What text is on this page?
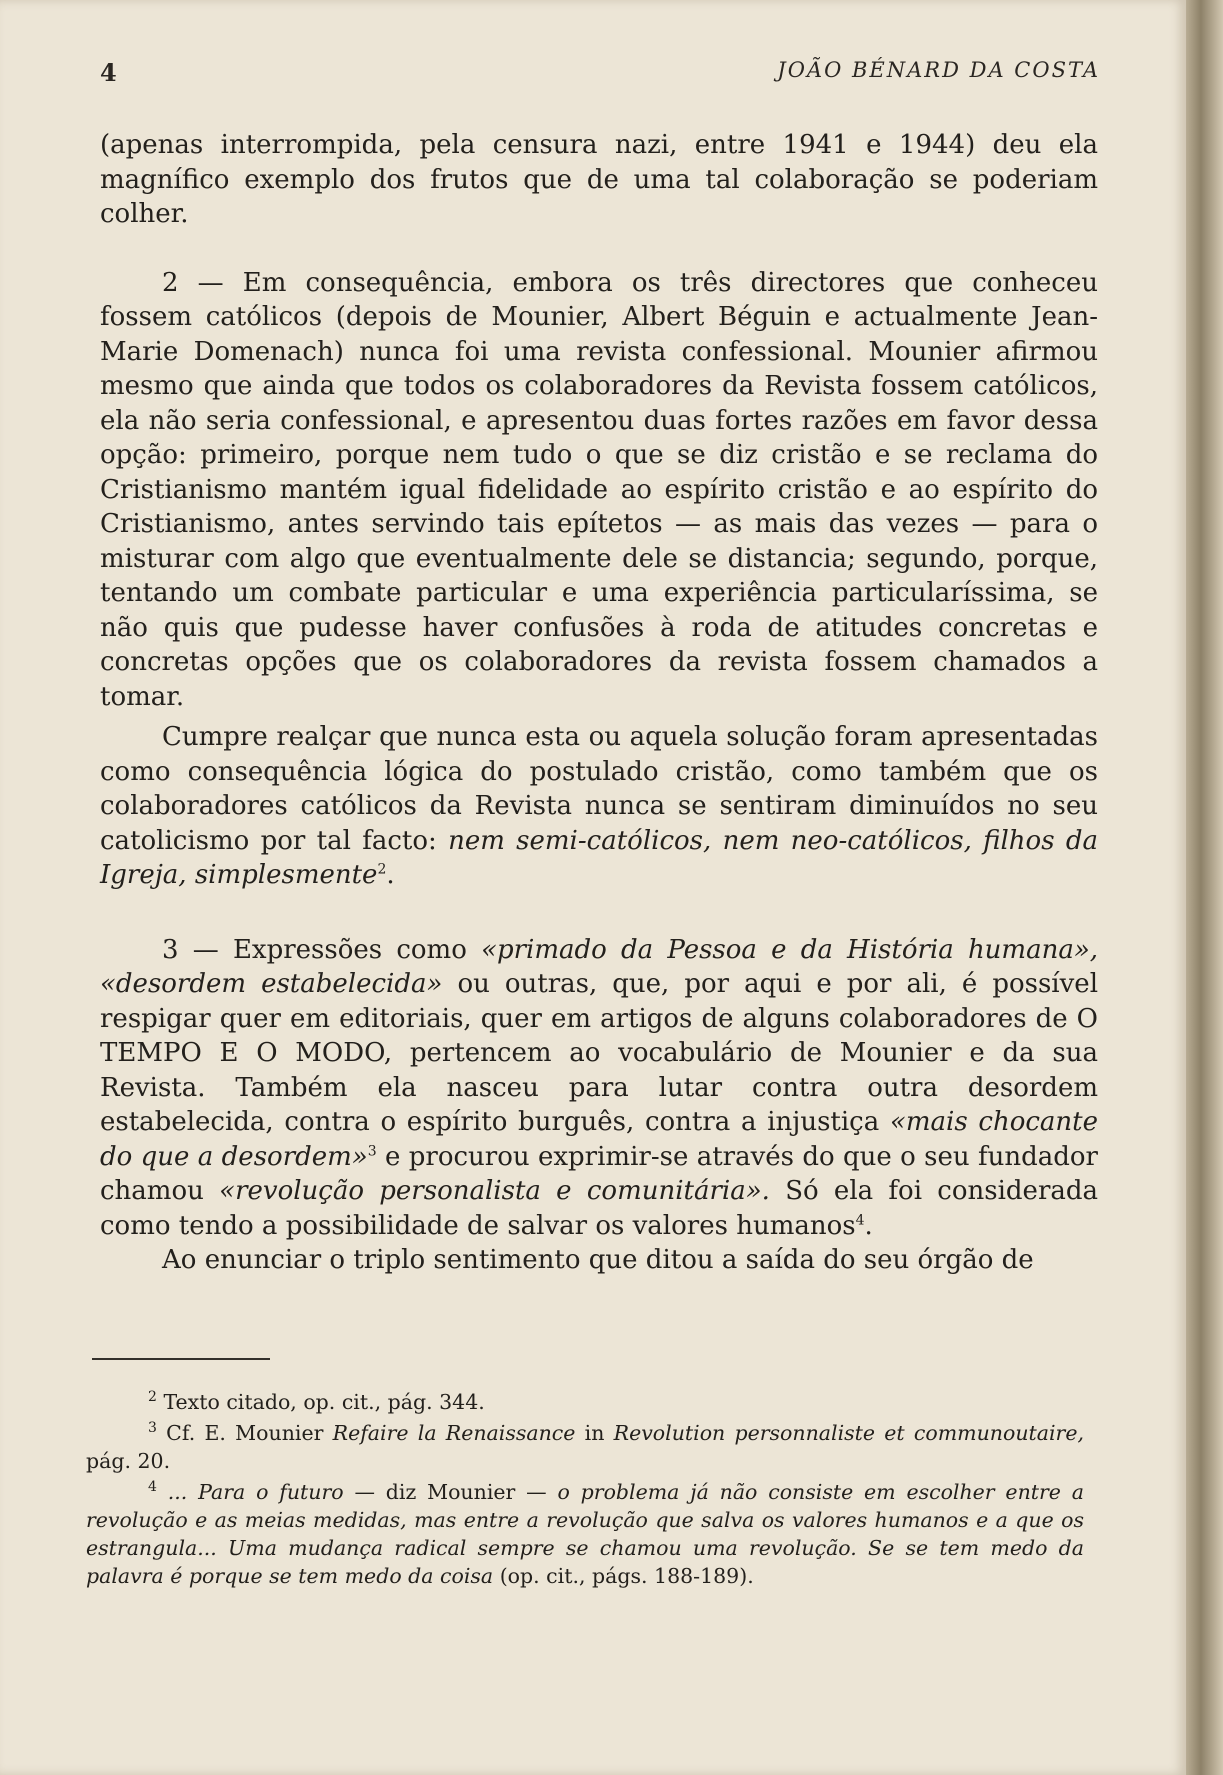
4	JOÃO BÉNARD DA COSTA

(apenas interrompida, pela censura nazi, entre 1941 e 1944) deu ela magnífico exemplo dos frutos que de uma tal colaboração se poderiam colher.

2 — Em consequência, embora os três directores que conheceu fossem católicos (depois de Mounier, Albert Béguin e actualmente Jean-Marie Domenach) nunca foi uma revista confessional. Mounier afirmou mesmo que ainda que todos os colaboradores da Revista fossem católicos, ela não seria confessional, e apresentou duas fortes razões em favor dessa opção: primeiro, porque nem tudo o que se diz cristão e se reclama do Cristianismo mantém igual fidelidade ao espírito cristão e ao espírito do Cristianismo, antes servindo tais epítetos — as mais das vezes — para o misturar com algo que eventualmente dele se distancia; segundo, porque, tentando um combate particular e uma experiência particularíssima, se não quis que pudesse haver confusões à roda de atitudes concretas e concretas opções que os colaboradores da revista fossem chamados a tomar.

Cumpre realçar que nunca esta ou aquela solução foram apresentadas como consequência lógica do postulado cristão, como também que os colaboradores católicos da Revista nunca se sentiram diminuídos no seu catolicismo por tal facto: nem semi-católicos, nem neo-católicos, filhos da Igreja, simplesmente$^2$.

3 — Expressões como «primado da Pessoa e da História humana», «desordem estabelecida» ou outras, que, por aqui e por ali, é possível respigar quer em editoriais, quer em artigos de alguns colaboradores de O TEMPO E O MODO, pertencem ao vocabulário de Mounier e da sua Revista. Também ela nasceu para lutar contra outra desordem estabelecida, contra o espírito burguês, contra a injustiça «mais chocante do que a desordem»$^3$ e procurou exprimir-se através do que o seu fundador chamou «revolução personalista e comunitária». Só ela foi considerada como tendo a possibilidade de salvar os valores humanos$^4$.

Ao enunciar o triplo sentimento que ditou a saída do seu órgão de

$^2$ Texto citado, op. cit., pág. 344.

$^3$ Cf. E. Mounier Refaire la Renaissance in Revolution personnaliste et communoutaire, pág. 20.

$^4$ ... Para o futuro — diz Mounier — o problema já não consiste em escolher entre a revolução e as meias medidas, mas entre a revolução que salva os valores humanos e a que os estrangula... Uma mudança radical sempre se chamou uma revolução. Se se tem medo da palavra é porque se tem medo da coisa (op. cit., págs. 188-189).
